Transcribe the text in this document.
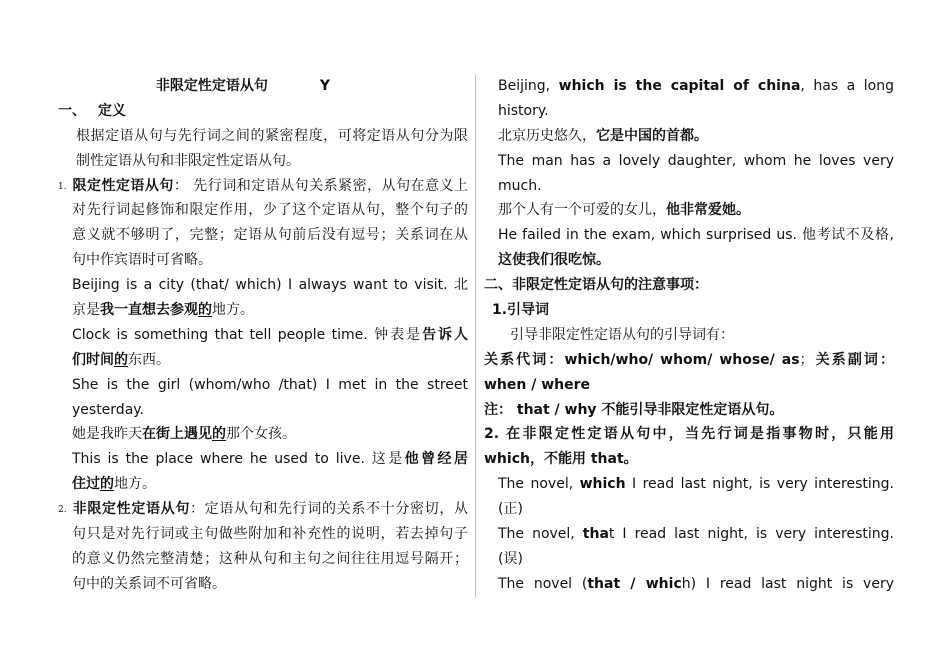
非限定性定语从句	Y
一、 定义
根据定语从句与先行词之间的紧密程度，可将定语从句分为限
制性定语从句和非限定性定语从句。
1. 限定性定语从句： 先行词和定语从句关系紧密，从句在意义上
对先行词起修饰和限定作用，少了这个定语从句，整个句子的
意义就不够明了，完整；定语从句前后没有逗号；关系词在从
句中作宾语时可省略。
Beijing is a city (that/ which) I always want to visit. 北
京是我一直想去参观的地方。
Clock is something that tell people time. 钟表是告诉人
们时间的东西。
She is the girl (whom/who /that) I met in the street
yesterday.
她是我昨天在街上遇见的那个女孩。
This is the place where he used to live. 这是他曾经居
住过的地方。
2. 非限定性定语从句：定语从句和先行词的关系不十分密切，从
句只是对先行词或主句做些附加和补充性的说明，若去掉句子
的意义仍然完整清楚；这种从句和主句之间往往用逗号隔开；
句中的关系词不可省略。
Beijing, which is the capital of china, has a long
history.
北京历史悠久，它是中国的首都。
The man has a lovely daughter, whom he loves very
much.
那个人有一个可爱的女儿，他非常爱她。
He failed in the exam, which surprised us. 他考试不及格,
这使我们很吃惊。
二、非限定性定语从句的注意事项：
1.引导词
引导非限定性定语从句的引导词有：
关系代词：which/who/ whom/ whose/ as；关系副词：
when / where
注： that / why 不能引导非限定性定语从句。
2. 在非限定性定语从句中，当先行词是指事物时，只能用
which，不能用 that。
The novel, which I read last night, is very interesting.
(正)
The novel, that I read last night, is very interesting.
(误)
The novel (that / which) I read last night is very
